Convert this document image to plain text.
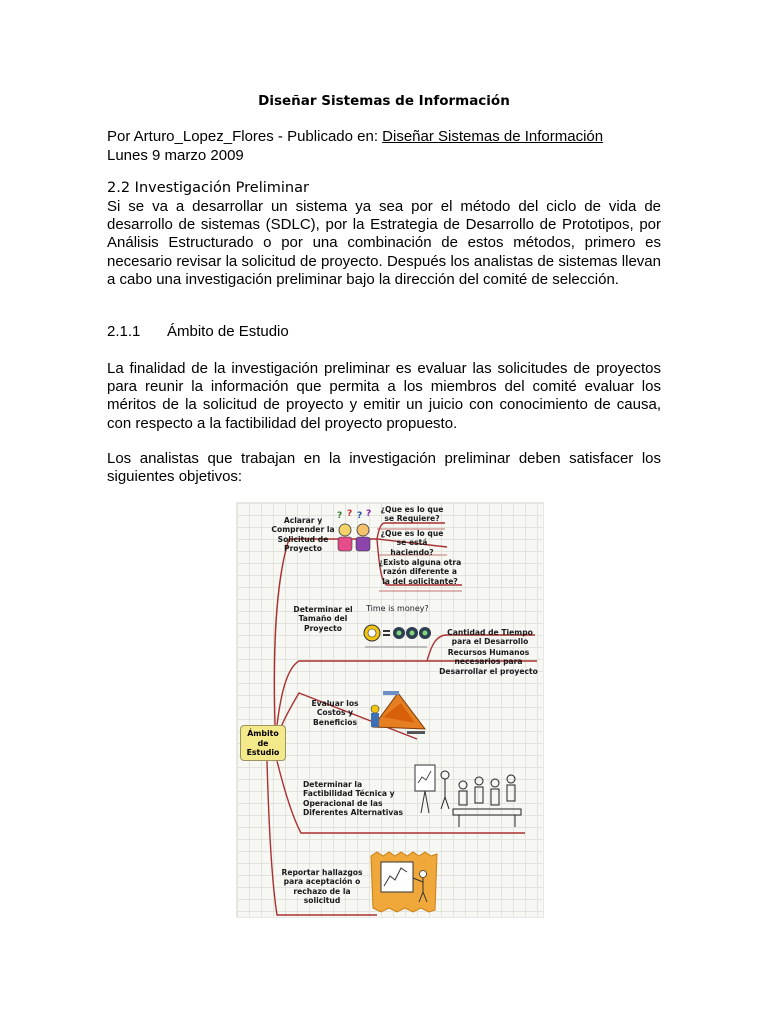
Diseñar Sistemas de Información
Por Arturo_Lopez_Flores - Publicado en: Diseñar Sistemas de Información
Lunes 9 marzo 2009
2.2 Investigación Preliminar
Si se va a desarrollar un sistema ya sea por el método del ciclo de vida de desarrollo de sistemas (SDLC), por la Estrategia de Desarrollo de Prototipos, por Análisis Estructurado o por una combinación de estos métodos, primero es necesario revisar la solicitud de proyecto. Después los analistas de sistemas llevan a cabo una investigación preliminar bajo la dirección del comité de selección.
2.1.1 Ámbito de Estudio
La finalidad de la investigación preliminar es evaluar las solicitudes de proyectos para reunir la información que permita a los miembros del comité evaluar los méritos de la solicitud de proyecto y emitir un juicio con conocimiento de causa, con respecto a la factibilidad del proyecto propuesto.
Los analistas que trabajan en la investigación preliminar deben satisfacer los siguientes objetivos:
Ámbito de Estudio
Aclarar y Comprender la Solicitud de Proyecto
? ? ? ? ¿Que es lo que se Requiere?
¿Que es lo que se está haciendo?
¿Existo alguna otra razón diferente a la del solicitante?
Determinar el Tamaño del Proyecto
Time is money?
Cantidad de Tiempo para el Desarrollo
Recursos Humanos necesarios para Desarrollar el proyecto
Evaluar los Costos y Beneficios
Determinar la Factibilidad Técnica y Operacional de las Diferentes Alternativas
Reportar hallazgos para aceptación o rechazo de la solicitud
